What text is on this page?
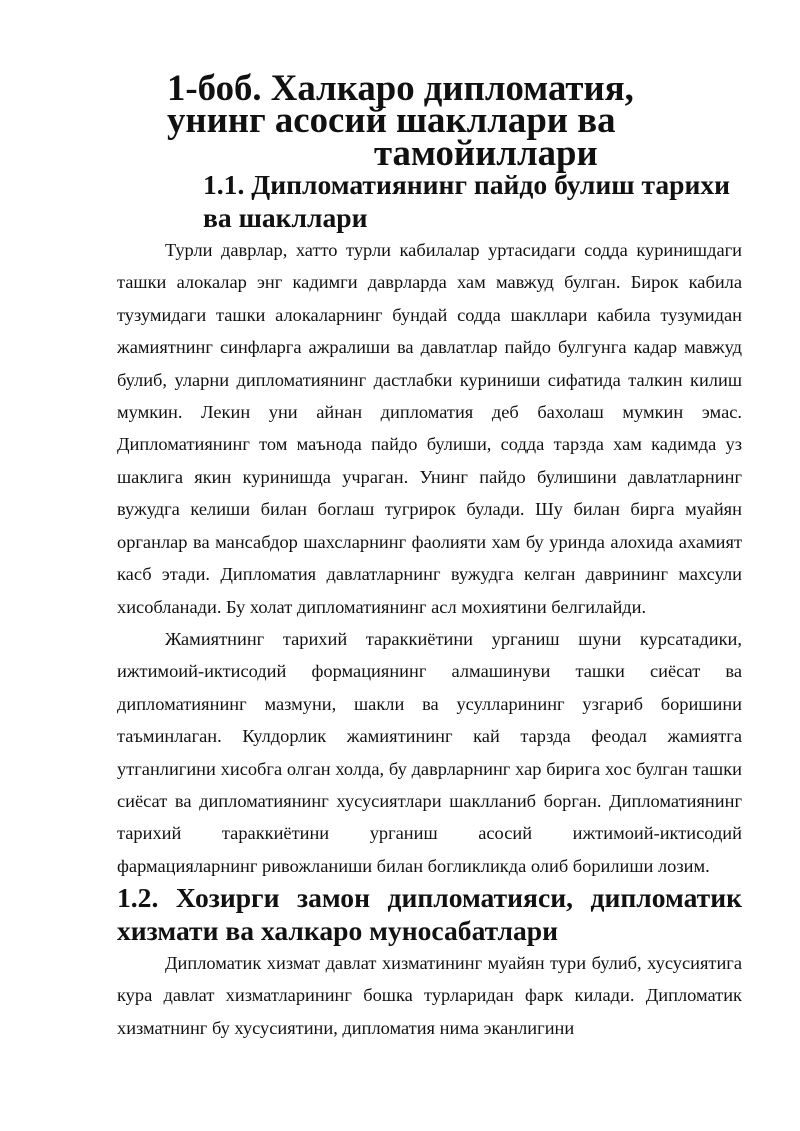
1-боб. Халкаро дипломатия, унинг асосий шакллари ва
тамойиллари
1.1. Дипломатиянинг пайдо булиш тарихи ва шакллари

Турли даврлар, хатто турли кабилалар уртасидаги содда куринишдаги ташки алокалар энг кадимги даврларда хам мавжуд булган. Бирок кабила тузумидаги ташки алокаларнинг бундай содда шакллари кабила тузумидан жамиятнинг синфларга ажралиши ва давлатлар пайдо булгунга кадар мавжуд булиб, уларни дипломатиянинг дастлабки куриниши сифатида талкин килиш мумкин. Лекин уни айнан дипломатия деб бахолаш мумкин эмас. Дипломатиянинг том маънода пайдо булиши, содда тарзда хам кадимда уз шаклига якин куринишда учраган. Унинг пайдо булишини давлатларнинг вужудга келиши билан боглаш тугрирок булади. Шу билан бирга муайян органлар ва мансабдор шахсларнинг фаолияти хам бу уринда алохида ахамият касб этади. Дипломатия давлатларнинг вужудга келган даврининг махсули хисобланади. Бу холат дипломатиянинг асл мохиятини белгилайди.

Жамиятнинг тарихий тараккиётини урганиш шуни курсатадики, ижтимоий-иктисодий формациянинг алмашинуви ташки сиёсат ва дипломатиянинг мазмуни, шакли ва усулларининг узгариб боришини таъминлаган. Кулдорлик жамиятининг кай тарзда феодал жамиятга утганлигини хисобга олган холда, бу даврларнинг хар бирига хос булган ташки сиёсат ва дипломатиянинг хусусиятлари шаклланиб борган. Дипломатиянинг тарихий тараккиётини урганиш асосий ижтимоий-иктисодий фармацияларнинг ривожланиши билан богликликда олиб борилиши лозим.

1.2. Хозирги замон дипломатияси, дипломатик хизмати ва халкаро муносабатлари

Дипломатик хизмат давлат хизматининг муайян тури булиб, хусусиятига кура давлат хизматларининг бошка турларидан фарк килади. Дипломатик хизматнинг бу хусусиятини, дипломатия нима эканлигини
